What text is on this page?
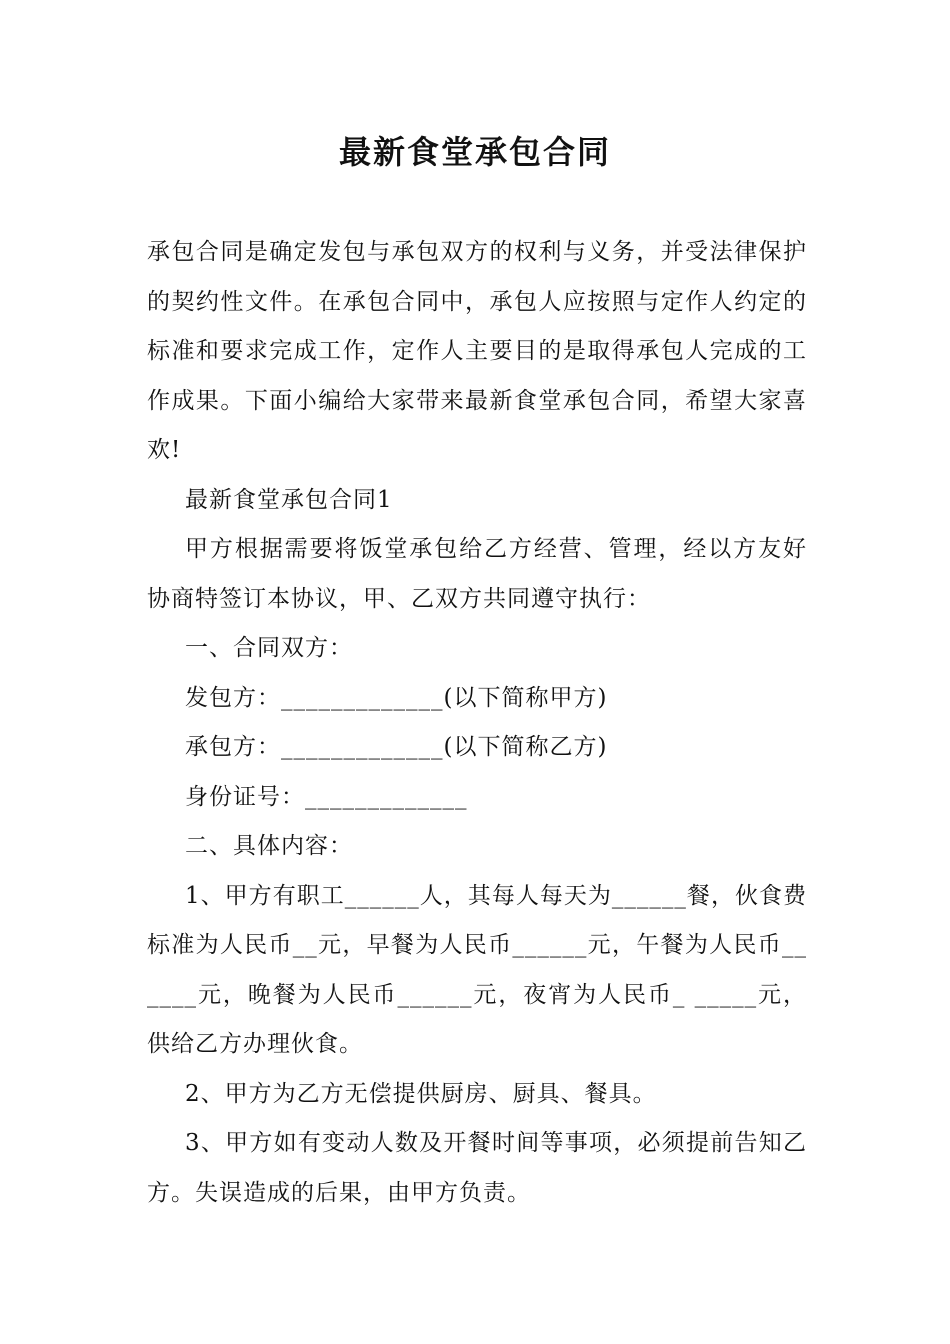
最新食堂承包合同

承包合同是确定发包与承包双方的权利与义务，并受法律保护的契约性文件。在承包合同中，承包人应按照与定作人约定的标准和要求完成工作，定作人主要目的是取得承包人完成的工作成果。下面小编给大家带来最新食堂承包合同，希望大家喜欢!

最新食堂承包合同1

甲方根据需要将饭堂承包给乙方经营、管理，经以方友好协商特签订本协议，甲、乙双方共同遵守执行：

一、合同双方：

发包方：_____________(以下简称甲方)

承包方：_____________(以下简称乙方)

身份证号：_____________

二、具体内容：

1、甲方有职工______人，其每人每天为______餐，伙食费标准为人民币__元，早餐为人民币______元，午餐为人民币______元，晚餐为人民币______元，夜宵为人民币_ _____元，供给乙方办理伙食。

2、甲方为乙方无偿提供厨房、厨具、餐具。

3、甲方如有变动人数及开餐时间等事项，必须提前告知乙方。失误造成的后果，由甲方负责。
